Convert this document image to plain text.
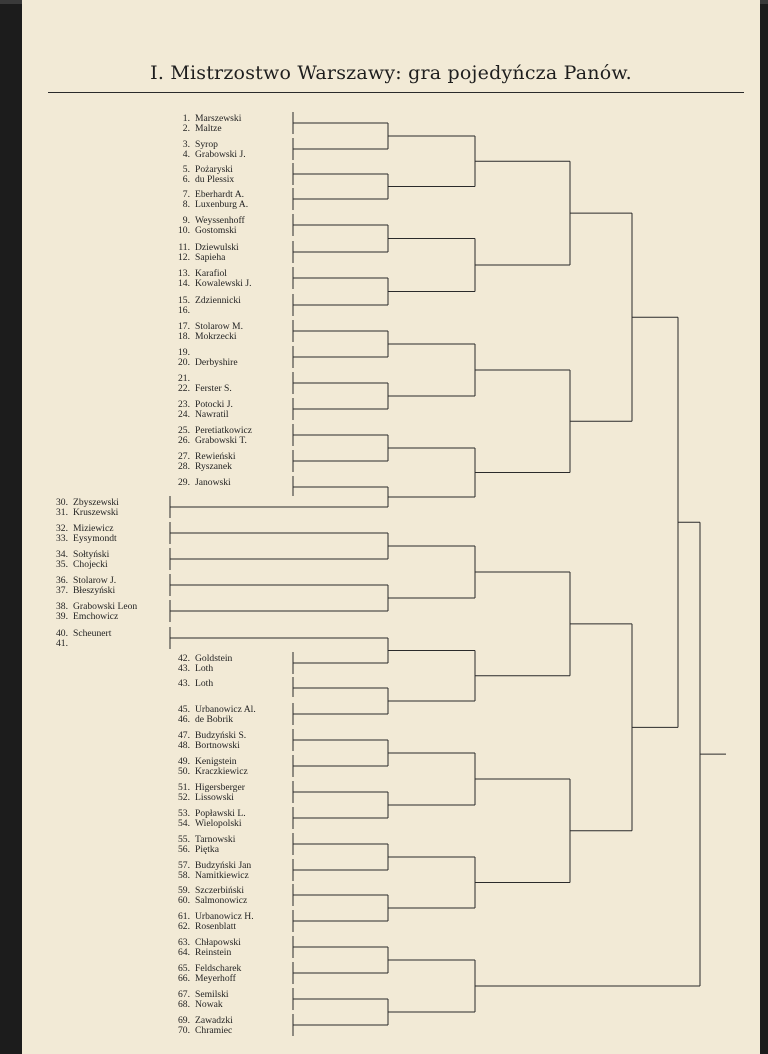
I. Mistrzostwo Warszawy: gra pojedyńcza Panów.
1. Marszewski
2. Maltze
3. Syrop
4. Grabowski J.
5. Pożaryski
6. du Plessix
7. Eberhardt A.
8. Luxenburg A.
9. Weyssenhoff
10. Gostomski
11. Dziewulski
12. Sapieha
13. Karafiol
14. Kowalewski J.
15. Zdziennicki
16.
17. Stolarow M.
18. Mokrzecki
19.
20. Derbyshire
21.
22. Ferster S.
23. Potocki J.
24. Nawratil
25. Peretiatkowicz
26. Grabowski T.
27. Rewieński
28. Ryszanek
29. Janowski
30. Zbyszewski
31. Kruszewski
32. Miziewicz
33. Eysymondt
34. Sołtyński
35. Chojecki
36. Stolarow J.
37. Błeszyński
38. Grabowski Leon
39. Emchowicz
40. Scheunert
41.
42. Goldstein
43. Loth
43. Loth
45. Urbanowicz Al.
46. de Bobrik
47. Budzyński S.
48. Bortnowski
49. Kenigstein
50. Kraczkiewicz
51. Higersberger
52. Lissowski
53. Popławski L.
54. Wielopolski
55. Tarnowski
56. Piętka
57. Budzyński Jan
58. Namitkiewicz
59. Szczerbiński
60. Salmonowicz
61. Urbanowicz H.
62. Rosenblatt
63. Chłapowski
64. Reinstein
65. Feldscharek
66. Meyerhoff
67. Semilski
68. Nowak
69. Zawadzki
70. Chramiec
